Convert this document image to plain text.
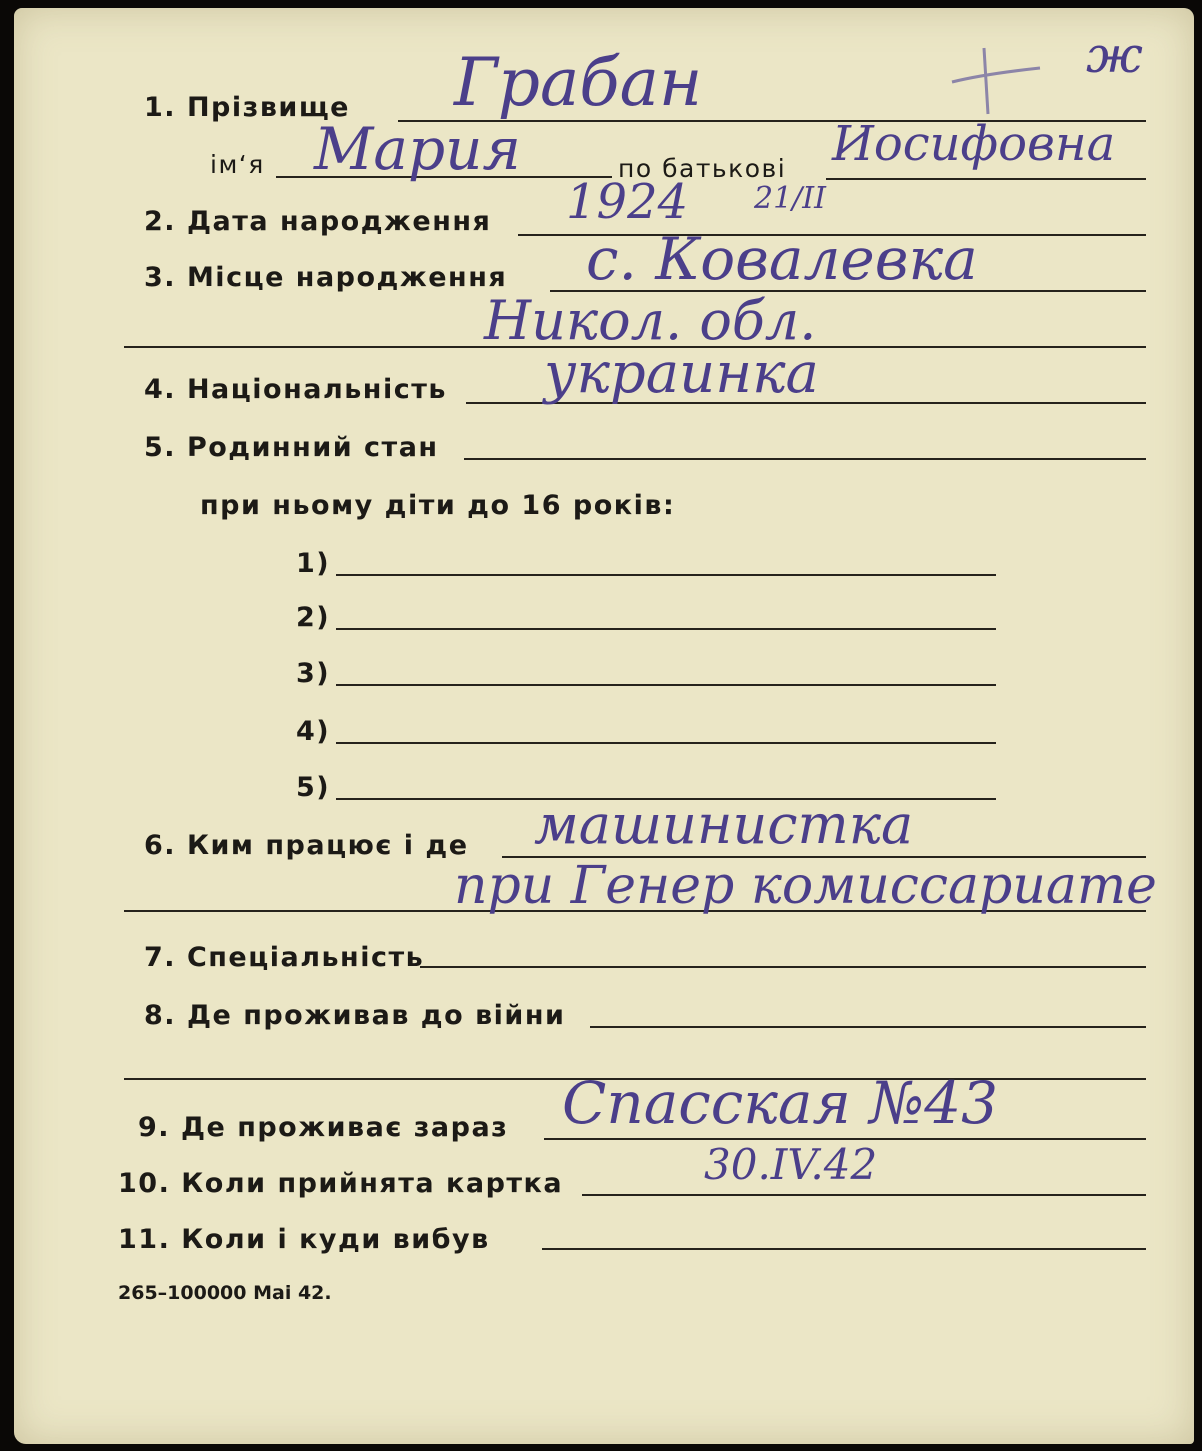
ж
1. Прізвище Грабан
ім‘я Мария	по батькові Иосифовна
2. Дата народження 1924 21/II
3. Місце народження с. Ковалевка
Никол. обл.
4. Національність украинка
5. Родинний стан
при ньому діти до 16 років:
1)
2)
3)
4)
5)
6. Ким працює і де машинистка
при Генер комиссариате
7. Спеціальність
8. Де проживав до війни
9. Де проживає зараз Спасская №43
10. Коли прийнята картка	30.IV.42
11. Коли і куди вибув
265–100000 Mai 42.
